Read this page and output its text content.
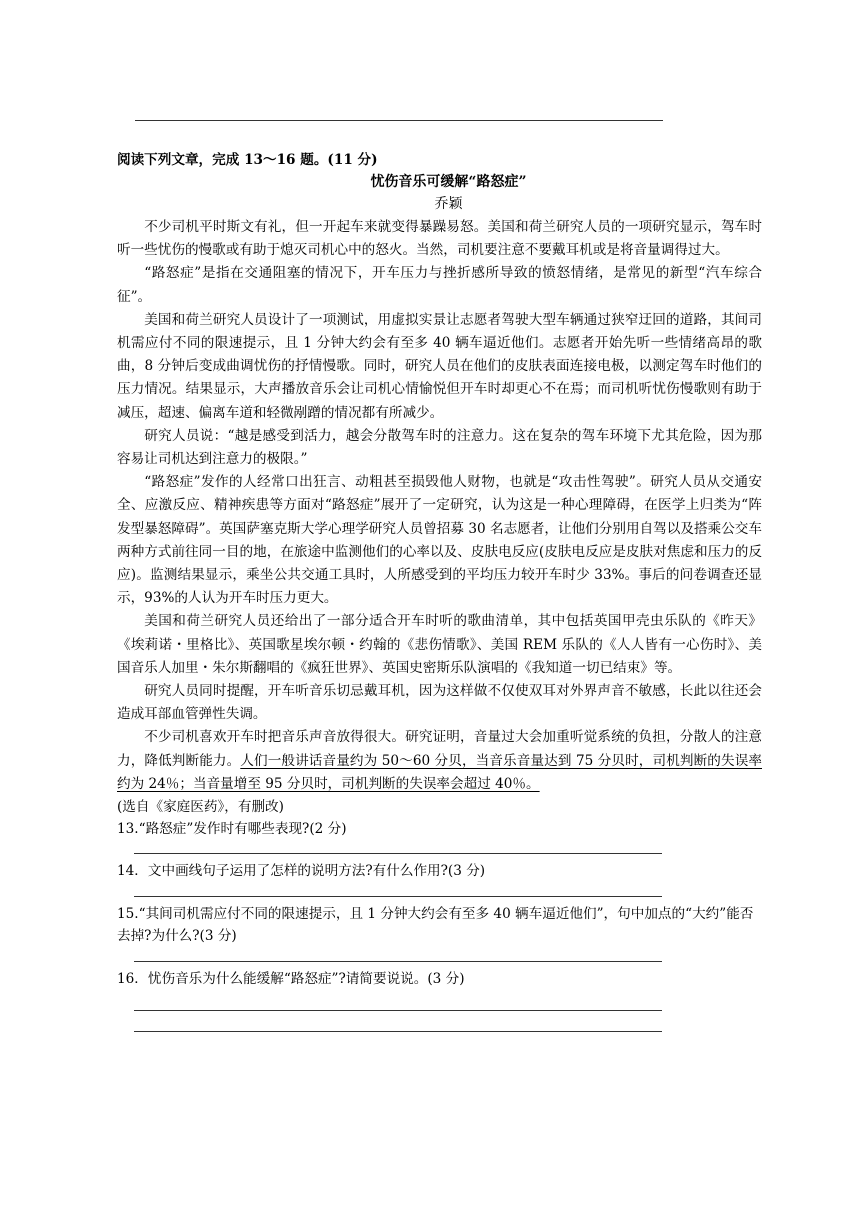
阅读下列文章，完成 13～16 题。(11 分)
忧伤音乐可缓解“路怒症”
乔颖

不少司机平时斯文有礼，但一开起车来就变得暴躁易怒。美国和荷兰研究人员的一项研究显示，驾车时听一些忧伤的慢歌或有助于熄灭司机心中的怒火。当然，司机要注意不要戴耳机或是将音量调得过大。

“路怒症”是指在交通阻塞的情况下，开车压力与挫折感所导致的愤怒情绪，是常见的新型“汽车综合征”。

美国和荷兰研究人员设计了一项测试，用虚拟实景让志愿者驾驶大型车辆通过狭窄迂回的道路，其间司机需应付不同的限速提示，且 1 分钟大约会有至多 40 辆车逼近他们。志愿者开始先听一些情绪高昂的歌曲，8 分钟后变成曲调忧伤的抒情慢歌。同时，研究人员在他们的皮肤表面连接电极，以测定驾车时他们的压力情况。结果显示，大声播放音乐会让司机心情愉悦但开车时却更心不在焉；而司机听忧伤慢歌则有助于减压，超速、偏离车道和轻微剐蹭的情况都有所减少。

研究人员说：“越是感受到活力，越会分散驾车时的注意力。这在复杂的驾车环境下尤其危险，因为那容易让司机达到注意力的极限。”

“路怒症”发作的人经常口出狂言、动粗甚至损毁他人财物，也就是“攻击性驾驶”。研究人员从交通安全、应激反应、精神疾患等方面对“路怒症”展开了一定研究，认为这是一种心理障碍，在医学上归类为“阵发型暴怒障碍”。英国萨塞克斯大学心理学研究人员曾招募 30 名志愿者，让他们分别用自驾以及搭乘公交车两种方式前往同一目的地，在旅途中监测他们的心率以及、皮肤电反应(皮肤电反应是皮肤对焦虑和压力的反应)。监测结果显示，乘坐公共交通工具时，人所感受到的平均压力较开车时少 33%。事后的问卷调查还显示，93%的人认为开车时压力更大。

美国和荷兰研究人员还给出了一部分适合开车时听的歌曲清单，其中包括英国甲壳虫乐队的《昨天》《埃莉诺・里格比》、英国歌星埃尔顿・约翰的《悲伤情歌》、美国 REM 乐队的《人人皆有一心伤时》、美国音乐人加里・朱尔斯翻唱的《疯狂世界》、英国史密斯乐队演唱的《我知道一切已结束》等。

研究人员同时提醒，开车听音乐切忌戴耳机，因为这样做不仅使双耳对外界声音不敏感，长此以往还会造成耳部血管弹性失调。

不少司机喜欢开车时把音乐声音放得很大。研究证明，音量过大会加重听觉系统的负担，分散人的注意力，降低判断能力。人们一般讲话音量约为 50～60 分贝，当音乐音量达到 75 分贝时，司机判断的失误率约为 24％；当音量增至 95 分贝时，司机判断的失误率会超过 40％。

(选自《家庭医药》，有删改)

13.“路怒症”发作时有哪些表现?(2 分)

14．文中画线句子运用了怎样的说明方法?有什么作用?(3 分)

15.“其间司机需应付不同的限速提示，且 1 分钟大约会有至多 40 辆车逼近他们”，句中加点的“大约”能否去掉?为什么?(3 分)

16．忧伤音乐为什么能缓解“路怒症”?请简要说说。(3 分)
